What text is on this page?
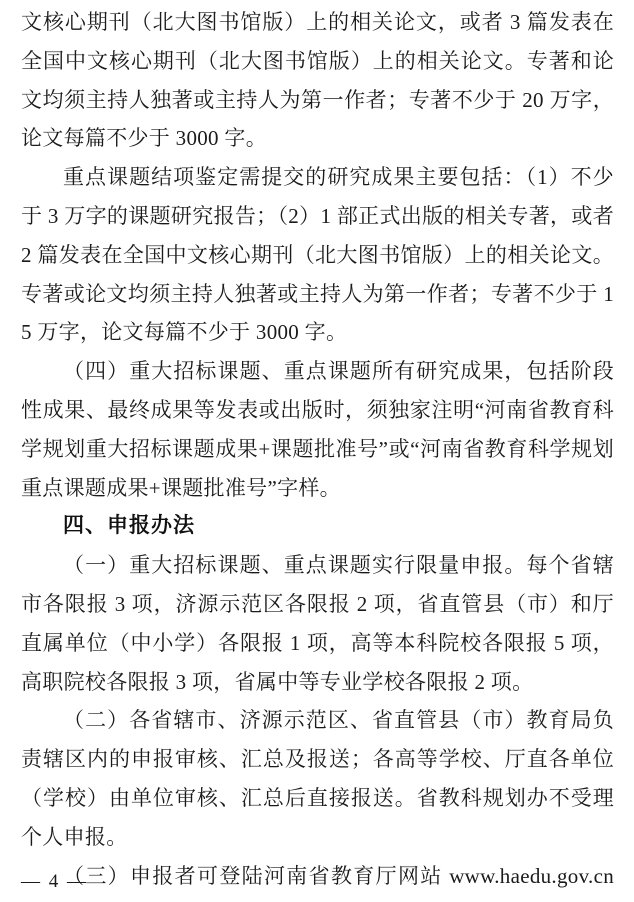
文核心期刊（北大图书馆版）上的相关论文，或者 3 篇发表在全国中文核心期刊（北大图书馆版）上的相关论文。专著和论文均须主持人独著或主持人为第一作者；专著不少于 20 万字，论文每篇不少于 3000 字。

重点课题结项鉴定需提交的研究成果主要包括：（1）不少于 3 万字的课题研究报告；（2）1 部正式出版的相关专著，或者 2 篇发表在全国中文核心期刊（北大图书馆版）上的相关论文。专著或论文均须主持人独著或主持人为第一作者；专著不少于 15 万字，论文每篇不少于 3000 字。

（四）重大招标课题、重点课题所有研究成果，包括阶段性成果、最终成果等发表或出版时，须独家注明“河南省教育科学规划重大招标课题成果+课题批准号”或“河南省教育科学规划重点课题成果+课题批准号”字样。

四、申报办法

（一）重大招标课题、重点课题实行限量申报。每个省辖市各限报 3 项，济源示范区各限报 2 项，省直管县（市）和厅直属单位（中小学）各限报 1 项，高等本科院校各限报 5 项，高职院校各限报 3 项，省属中等专业学校各限报 2 项。

（二）各省辖市、济源示范区、省直管县（市）教育局负责辖区内的申报审核、汇总及报送；各高等学校、厅直各单位（学校）由单位审核、汇总后直接报送。省教科规划办不受理个人申报。

（三）申报者可登陆河南省教育厅网站 www.haedu.gov.cn

— 4 —
